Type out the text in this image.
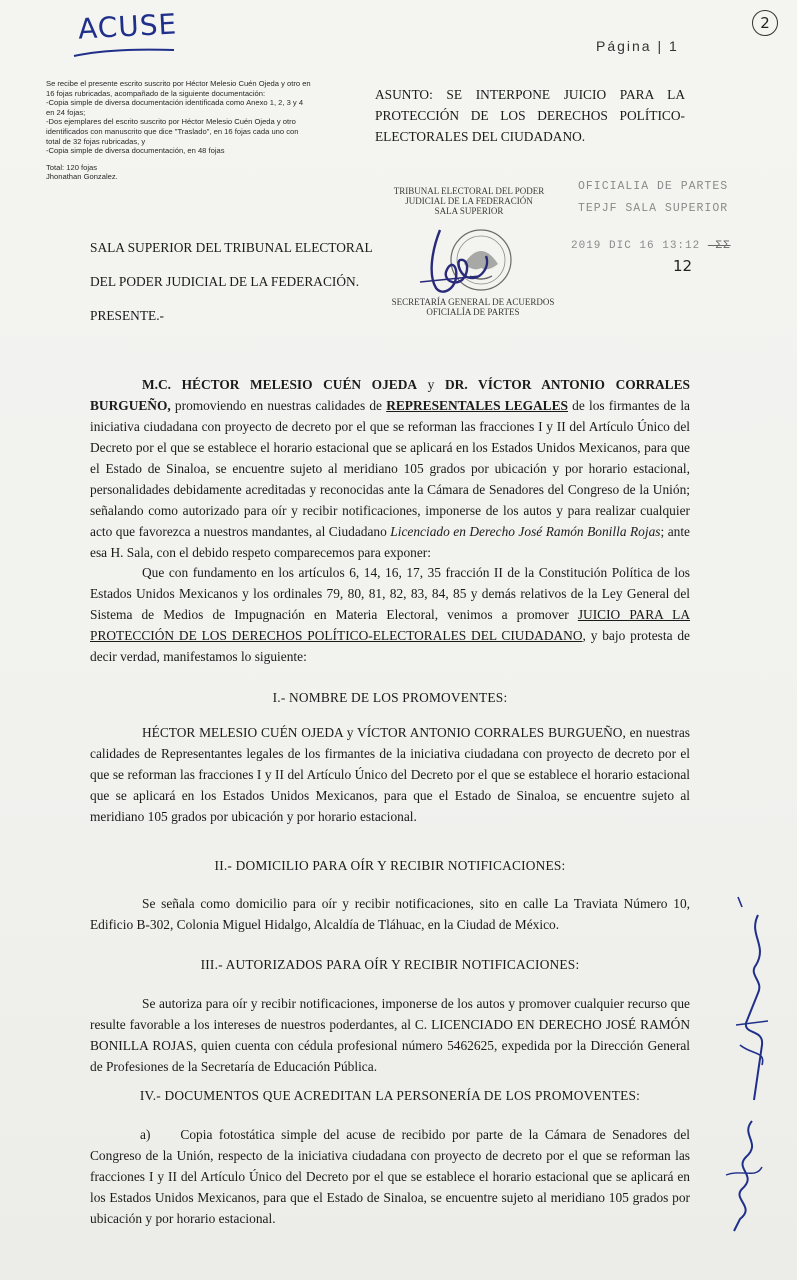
ACUSE	2
Página | 1
Se recibe el presente escrito suscrito por Héctor Melesio Cuén Ojeda y otro en
16 fojas rubricadas, acompañado de la siguiente documentación:
-Copia simple de diversa documentación identificada como Anexo 1, 2, 3 y 4
en 24 fojas;
-Dos ejemplares del escrito suscrito por Héctor Melesio Cuén Ojeda y otro
identificados con manuscrito que dice "Traslado", en 16 fojas cada uno con
total de 32 fojas rubricadas, y
-Copia simple de diversa documentación, en 48 fojas
Total: 120 fojas
Jhonathan Gonzalez.
ASUNTO: SE INTERPONE JUICIO PARA LA
PROTECCIÓN DE LOS DERECHOS POLÍTICO-
ELECTORALES DEL CIUDADANO.
OFICIALIA DE PARTES
TEPJF SALA SUPERIOR
2019 DIC 16 13:12  ΣΣ
12
TRIBUNAL ELECTORAL DEL PODER
JUDICIAL DE LA FEDERACIÓN
SALA SUPERIOR
SECRETARÍA GENERAL DE ACUERDOS
OFICIALÍA DE PARTES
SALA SUPERIOR DEL TRIBUNAL ELECTORAL
DEL PODER JUDICIAL DE LA FEDERACIÓN.
PRESENTE.-
M.C. HÉCTOR MELESIO CUÉN OJEDA y DR. VÍCTOR ANTONIO CORRALES BURGUEÑO, promoviendo en nuestras calidades de REPRESENTALES LEGALES de los firmantes de la iniciativa ciudadana con proyecto de decreto por el que se reforman las fracciones I y II del Artículo Único del Decreto por el que se establece el horario estacional que se aplicará en los Estados Unidos Mexicanos, para que el Estado de Sinaloa, se encuentre sujeto al meridiano 105 grados por ubicación y por horario estacional, personalidades debidamente acreditadas y reconocidas ante la Cámara de Senadores del Congreso de la Unión; señalando como autorizado para oír y recibir notificaciones, imponerse de los autos y para realizar cualquier acto que favorezca a nuestros mandantes, al Ciudadano Licenciado en Derecho José Ramón Bonilla Rojas; ante esa H. Sala, con el debido respeto comparecemos para exponer:
Que con fundamento en los artículos 6, 14, 16, 17, 35 fracción II de la Constitución Política de los Estados Unidos Mexicanos y los ordinales 79, 80, 81, 82, 83, 84, 85 y demás relativos de la Ley General del Sistema de Medios de Impugnación en Materia Electoral, venimos a promover JUICIO PARA LA PROTECCIÓN DE LOS DERECHOS POLÍTICO-ELECTORALES DEL CIUDADANO, y bajo protesta de decir verdad, manifestamos lo siguiente:
I.- NOMBRE DE LOS PROMOVENTES:
HÉCTOR MELESIO CUÉN OJEDA y VÍCTOR ANTONIO CORRALES BURGUEÑO, en nuestras calidades de Representantes legales de los firmantes de la iniciativa ciudadana con proyecto de decreto por el que se reforman las fracciones I y II del Artículo Único del Decreto por el que se establece el horario estacional que se aplicará en los Estados Unidos Mexicanos, para que el Estado de Sinaloa, se encuentre sujeto al meridiano 105 grados por ubicación y por horario estacional.
II.- DOMICILIO PARA OÍR Y RECIBIR NOTIFICACIONES:
Se señala como domicilio para oír y recibir notificaciones, sito en calle La Traviata Número 10, Edificio B-302, Colonia Miguel Hidalgo, Alcaldía de Tláhuac, en la Ciudad de México.
III.- AUTORIZADOS PARA OÍR Y RECIBIR NOTIFICACIONES:
Se autoriza para oír y recibir notificaciones, imponerse de los autos y promover cualquier recurso que resulte favorable a los intereses de nuestros poderdantes, al C. LICENCIADO EN DERECHO JOSÉ RAMÓN BONILLA ROJAS, quien cuenta con cédula profesional número 5462625, expedida por la Dirección General de Profesiones de la Secretaría de Educación Pública.
IV.- DOCUMENTOS QUE ACREDITAN LA PERSONERÍA DE LOS PROMOVENTES:
a) Copia fotostática simple del acuse de recibido por parte de la Cámara de Senadores del Congreso de la Unión, respecto de la iniciativa ciudadana con proyecto de decreto por el que se reforman las fracciones I y II del Artículo Único del Decreto por el que se establece el horario estacional que se aplicará en los Estados Unidos Mexicanos, para que el Estado de Sinaloa, se encuentre sujeto al meridiano 105 grados por ubicación y por horario estacional.
